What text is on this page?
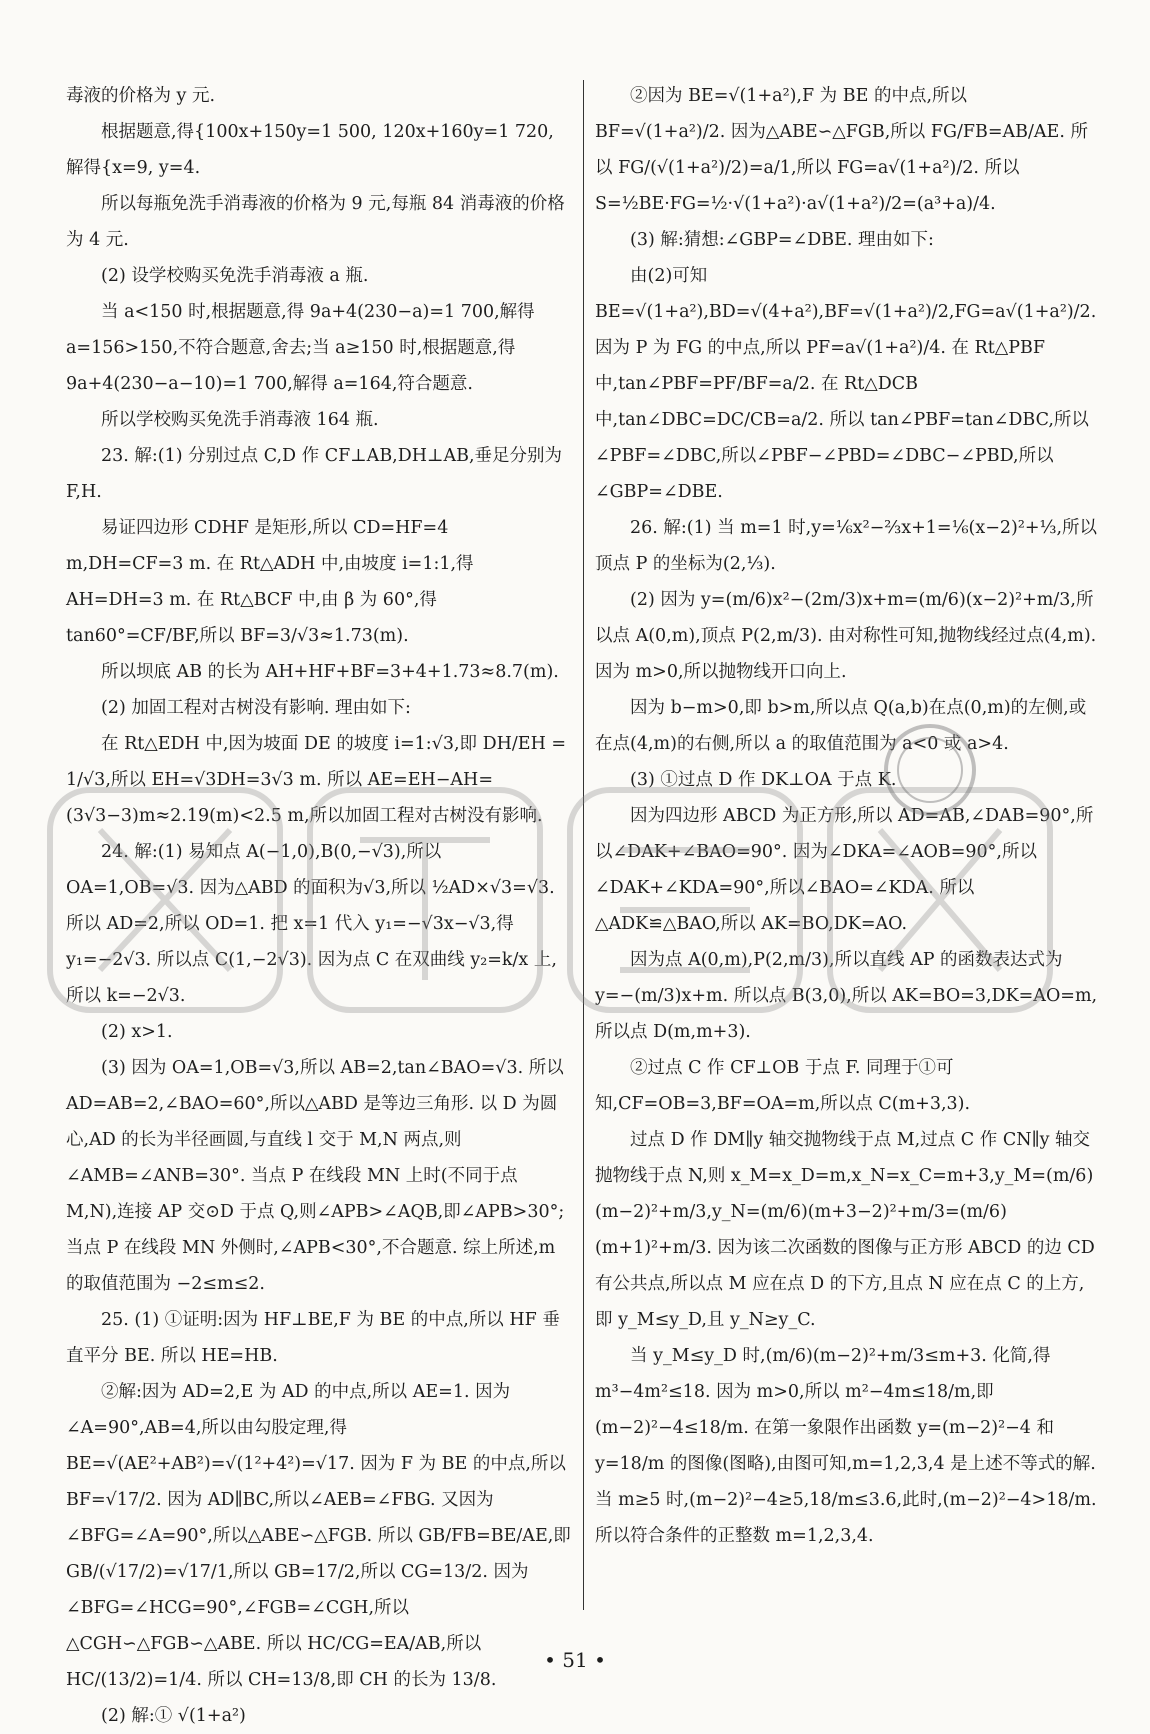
毒液的价格为 y 元.

根据题意,得{100x+150y=1 500, 120x+160y=1 720,解得{x=9, y=4.

所以每瓶免洗手消毒液的价格为 9 元,每瓶 84 消毒液的价格为 4 元.

(2) 设学校购买免洗手消毒液 a 瓶.

当 a<150 时,根据题意,得 9a+4(230−a)=1 700,解得 a=156>150,不符合题意,舍去;当 a≥150 时,根据题意,得 9a+4(230−a−10)=1 700,解得 a=164,符合题意.

所以学校购买免洗手消毒液 164 瓶.

23. 解:(1) 分别过点 C,D 作 CF⊥AB,DH⊥AB,垂足分别为 F,H.

易证四边形 CDHF 是矩形,所以 CD=HF=4 m,DH=CF=3 m. 在 Rt△ADH 中,由坡度 i=1:1,得 AH=DH=3 m. 在 Rt△BCF 中,由 β 为 60°,得 tan60°=CF/BF,所以 BF=3/√3≈1.73(m).

所以坝底 AB 的长为 AH+HF+BF=3+4+1.73≈8.7(m).

(2) 加固工程对古树没有影响. 理由如下:

在 Rt△EDH 中,因为坡面 DE 的坡度 i=1:√3,即 DH/EH = 1/√3,所以 EH=√3DH=3√3 m. 所以 AE=EH−AH=(3√3−3)m≈2.19(m)<2.5 m,所以加固工程对古树没有影响.

24. 解:(1) 易知点 A(−1,0),B(0,−√3),所以 OA=1,OB=√3. 因为△ABD 的面积为√3,所以 ½AD×√3=√3. 所以 AD=2,所以 OD=1. 把 x=1 代入 y₁=−√3x−√3,得 y₁=−2√3. 所以点 C(1,−2√3). 因为点 C 在双曲线 y₂=k/x 上,所以 k=−2√3.

(2) x>1.

(3) 因为 OA=1,OB=√3,所以 AB=2,tan∠BAO=√3. 所以 AD=AB=2,∠BAO=60°,所以△ABD 是等边三角形. 以 D 为圆心,AD 的长为半径画圆,与直线 l 交于 M,N 两点,则 ∠AMB=∠ANB=30°. 当点 P 在线段 MN 上时(不同于点 M,N),连接 AP 交⊙D 于点 Q,则∠APB>∠AQB,即∠APB>30°;当点 P 在线段 MN 外侧时,∠APB<30°,不合题意. 综上所述,m 的取值范围为 −2≤m≤2.

25. (1) ①证明:因为 HF⊥BE,F 为 BE 的中点,所以 HF 垂直平分 BE. 所以 HE=HB.

②解:因为 AD=2,E 为 AD 的中点,所以 AE=1. 因为∠A=90°,AB=4,所以由勾股定理,得 BE=√(AE²+AB²)=√(1²+4²)=√17. 因为 F 为 BE 的中点,所以 BF=√17/2. 因为 AD∥BC,所以∠AEB=∠FBG. 又因为∠BFG=∠A=90°,所以△ABE∽△FGB. 所以 GB/FB=BE/AE,即 GB/(√17/2)=√17/1,所以 GB=17/2,所以 CG=13/2. 因为∠BFG=∠HCG=90°,∠FGB=∠CGH,所以△CGH∽△FGB∽△ABE. 所以 HC/CG=EA/AB,所以 HC/(13/2)=1/4. 所以 CH=13/8,即 CH 的长为 13/8.

(2) 解:① √(1+a²)

②因为 BE=√(1+a²),F 为 BE 的中点,所以 BF=√(1+a²)/2. 因为△ABE∽△FGB,所以 FG/FB=AB/AE. 所以 FG/(√(1+a²)/2)=a/1,所以 FG=a√(1+a²)/2. 所以 S=½BE·FG=½·√(1+a²)·a√(1+a²)/2=(a³+a)/4.

(3) 解:猜想:∠GBP=∠DBE. 理由如下:

由(2)可知 BE=√(1+a²),BD=√(4+a²),BF=√(1+a²)/2,FG=a√(1+a²)/2. 因为 P 为 FG 的中点,所以 PF=a√(1+a²)/4. 在 Rt△PBF 中,tan∠PBF=PF/BF=a/2. 在 Rt△DCB 中,tan∠DBC=DC/CB=a/2. 所以 tan∠PBF=tan∠DBC,所以∠PBF=∠DBC,所以∠PBF−∠PBD=∠DBC−∠PBD,所以∠GBP=∠DBE.

26. 解:(1) 当 m=1 时,y=⅙x²−⅔x+1=⅙(x−2)²+⅓,所以顶点 P 的坐标为(2,⅓).

(2) 因为 y=(m/6)x²−(2m/3)x+m=(m/6)(x−2)²+m/3,所以点 A(0,m),顶点 P(2,m/3). 由对称性可知,抛物线经过点(4,m). 因为 m>0,所以抛物线开口向上.

因为 b−m>0,即 b>m,所以点 Q(a,b)在点(0,m)的左侧,或在点(4,m)的右侧,所以 a 的取值范围为 a<0 或 a>4.

(3) ①过点 D 作 DK⊥OA 于点 K.

因为四边形 ABCD 为正方形,所以 AD=AB,∠DAB=90°,所以∠DAK+∠BAO=90°. 因为∠DKA=∠AOB=90°,所以∠DAK+∠KDA=90°,所以∠BAO=∠KDA. 所以△ADK≌△BAO,所以 AK=BO,DK=AO.

因为点 A(0,m),P(2,m/3),所以直线 AP 的函数表达式为 y=−(m/3)x+m. 所以点 B(3,0),所以 AK=BO=3,DK=AO=m,所以点 D(m,m+3).

②过点 C 作 CF⊥OB 于点 F. 同理于①可知,CF=OB=3,BF=OA=m,所以点 C(m+3,3).

过点 D 作 DM∥y 轴交抛物线于点 M,过点 C 作 CN∥y 轴交抛物线于点 N,则 x_M=x_D=m,x_N=x_C=m+3,y_M=(m/6)(m−2)²+m/3,y_N=(m/6)(m+3−2)²+m/3=(m/6)(m+1)²+m/3. 因为该二次函数的图像与正方形 ABCD 的边 CD 有公共点,所以点 M 应在点 D 的下方,且点 N 应在点 C 的上方,即 y_M≤y_D,且 y_N≥y_C.

当 y_M≤y_D 时,(m/6)(m−2)²+m/3≤m+3. 化简,得 m³−4m²≤18. 因为 m>0,所以 m²−4m≤18/m,即(m−2)²−4≤18/m. 在第一象限作出函数 y=(m−2)²−4 和 y=18/m 的图像(图略),由图可知,m=1,2,3,4 是上述不等式的解. 当 m≥5 时,(m−2)²−4≥5,18/m≤3.6,此时,(m−2)²−4>18/m. 所以符合条件的正整数 m=1,2,3,4.

• 51 •
